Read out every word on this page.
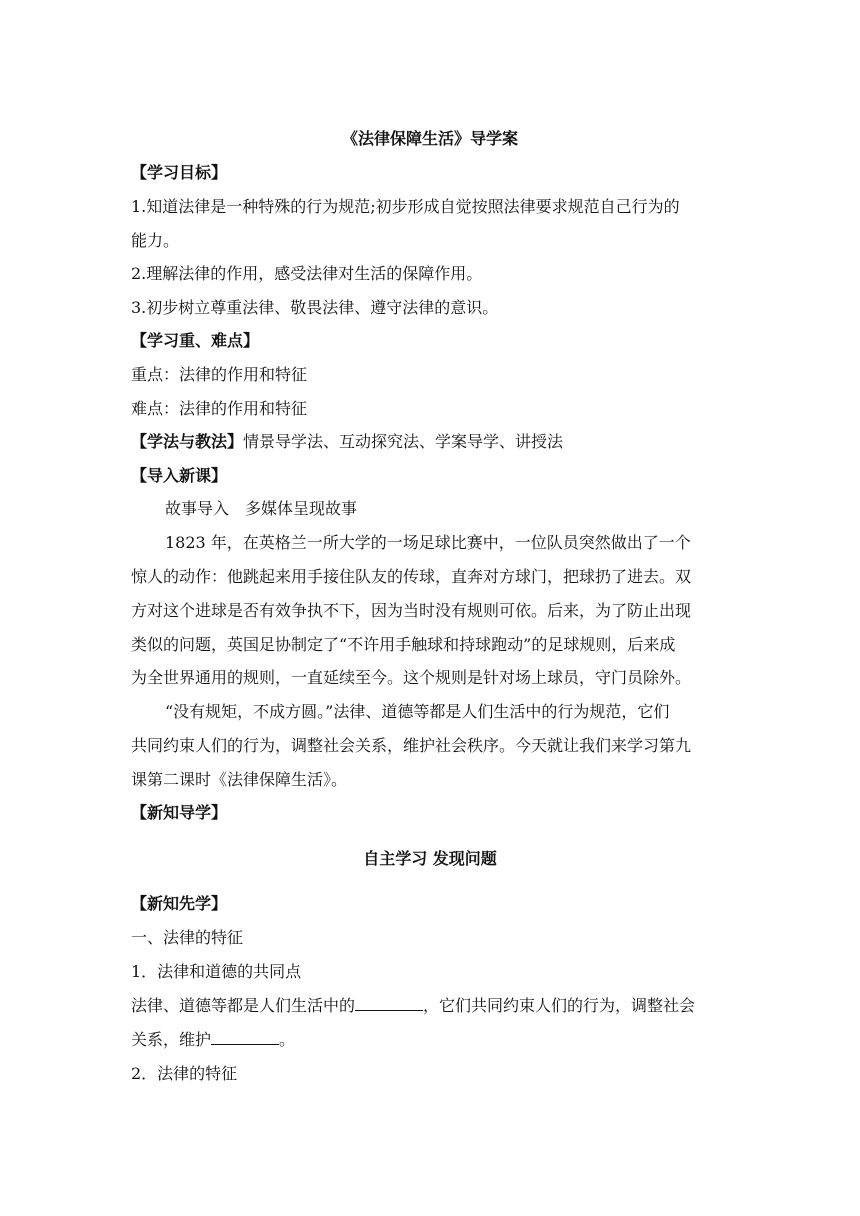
《法律保障生活》导学案
【学习目标】
1.知道法律是一种特殊的行为规范;初步形成自觉按照法律要求规范自己行为的
能力。
2.理解法律的作用，感受法律对生活的保障作用。
3.初步树立尊重法律、敬畏法律、遵守法律的意识。
【学习重、难点】
重点：法律的作用和特征
难点：法律的作用和特征
【学法与教法】情景导学法、互动探究法、学案导学、讲授法
【导入新课】
故事导入　多媒体呈现故事
1823 年，在英格兰一所大学的一场足球比赛中，一位队员突然做出了一个
惊人的动作：他跳起来用手接住队友的传球，直奔对方球门，把球扔了进去。双
方对这个进球是否有效争执不下，因为当时没有规则可依。后来，为了防止出现
类似的问题，英国足协制定了“不许用手触球和持球跑动”的足球规则，后来成
为全世界通用的规则，一直延续至今。这个规则是针对场上球员，守门员除外。
“没有规矩，不成方圆。”法律、道德等都是人们生活中的行为规范，它们
共同约束人们的行为，调整社会关系，维护社会秩序。今天就让我们来学习第九
课第二课时《法律保障生活》。
【新知导学】
自主学习 发现问题
【新知先学】
一、法律的特征
1．法律和道德的共同点
法律、道德等都是人们生活中的	，它们共同约束人们的行为，调整社会
关系，维护	。
2．法律的特征
